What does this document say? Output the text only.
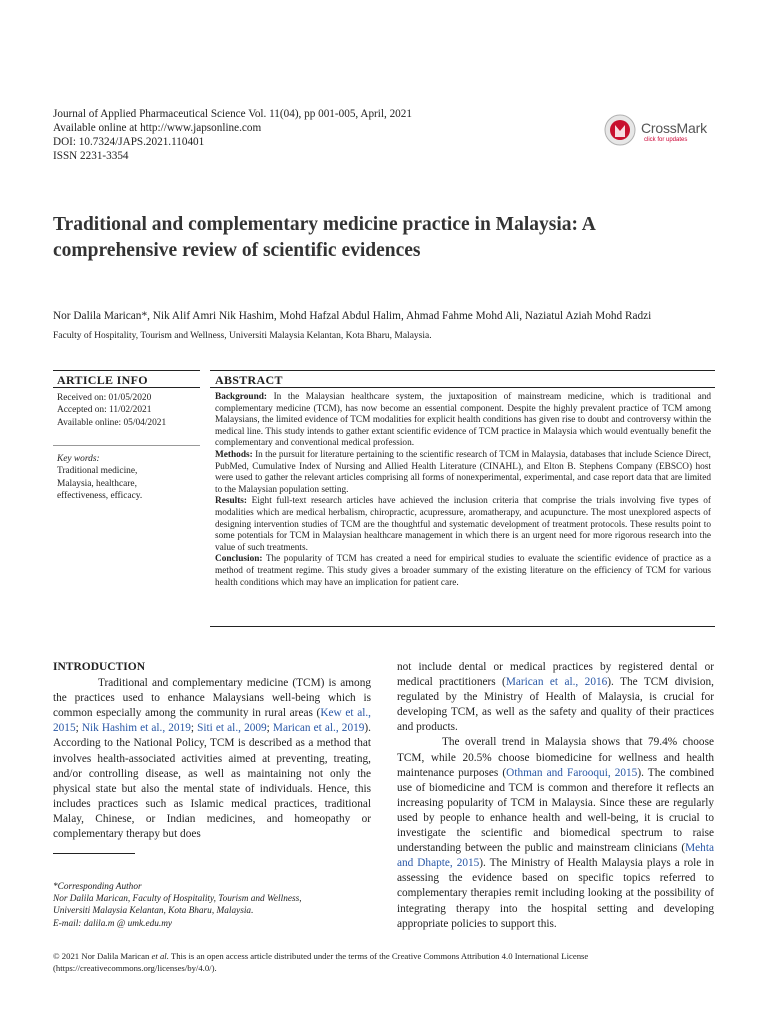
Journal of Applied Pharmaceutical Science Vol. 11(04), pp 001-005, April, 2021
Available online at http://www.japsonline.com
DOI: 10.7324/JAPS.2021.110401
ISSN 2231-3354
CrossMark
click for updates
Traditional and complementary medicine practice in Malaysia: A comprehensive review of scientific evidences
Nor Dalila Marican*, Nik Alif Amri Nik Hashim, Mohd Hafzal Abdul Halim, Ahmad Fahme Mohd Ali, Naziatul Aziah Mohd Radzi
Faculty of Hospitality, Tourism and Wellness, Universiti Malaysia Kelantan, Kota Bharu, Malaysia.
ARTICLE INFO	ABSTRACT
Received on: 01/05/2020
Accepted on: 11/02/2021
Available online: 05/04/2021
Key words:
Traditional medicine,
Malaysia, healthcare,
effectiveness, efficacy.

Background: In the Malaysian healthcare system, the juxtaposition of mainstream medicine, which is traditional and complementary medicine (TCM), has now become an essential component. Despite the highly prevalent practice of TCM among Malaysians, the limited evidence of TCM modalities for explicit health conditions has given rise to doubt and controversy within the medical line. This study intends to gather extant scientific evidence of TCM practice in Malaysia which would eventually benefit the complementary and conventional medical profession.

Methods: In the pursuit for literature pertaining to the scientific research of TCM in Malaysia, databases that include Science Direct, PubMed, Cumulative Index of Nursing and Allied Health Literature (CINAHL), and Elton B. Stephens Company (EBSCO) host were used to gather the relevant articles comprising all forms of nonexperimental, experimental, and case report data that are limited to the Malaysian population setting.

Results: Eight full-text research articles have achieved the inclusion criteria that comprise the trials involving five types of modalities which are medical herbalism, chiropractic, acupressure, aromatherapy, and acupuncture. The most unexplored aspects of designing intervention studies of TCM are the thoughtful and systematic development of treatment protocols. These results point to some potentials for TCM in Malaysian healthcare management in which there is an urgent need for more rigorous research into the value of such treatments.

Conclusion: The popularity of TCM has created a need for empirical studies to evaluate the scientific evidence of practice as a method of treatment regime. This study gives a broader summary of the existing literature on the efficiency of TCM for various health conditions which may have an implication for patient care.

INTRODUCTION

Traditional and complementary medicine (TCM) is among the practices used to enhance Malaysians well-being which is common especially among the community in rural areas (Kew et al., 2015; Nik Hashim et al., 2019; Siti et al., 2009; Marican et al., 2019). According to the National Policy, TCM is described as a method that involves health-associated activities aimed at preventing, treating, and/or controlling disease, as well as maintaining not only the physical state but also the mental state of individuals. Hence, this includes practices such as Islamic medical practices, traditional Malay, Chinese, or Indian medicines, and homeopathy or complementary therapy but does

*Corresponding Author
Nor Dalila Marican, Faculty of Hospitality, Tourism and Wellness,
Universiti Malaysia Kelantan, Kota Bharu, Malaysia.
E-mail: dalila.m @ umk.edu.my

not include dental or medical practices by registered dental or medical practitioners (Marican et al., 2016). The TCM division, regulated by the Ministry of Health of Malaysia, is crucial for developing TCM, as well as the safety and quality of their practices and products.

The overall trend in Malaysia shows that 79.4% choose TCM, while 20.5% choose biomedicine for wellness and health maintenance purposes (Othman and Farooqui, 2015). The combined use of biomedicine and TCM is common and therefore it reflects an increasing popularity of TCM in Malaysia. Since these are regularly used by people to enhance health and well-being, it is crucial to investigate the scientific and biomedical spectrum to raise understanding between the public and mainstream clinicians (Mehta and Dhapte, 2015). The Ministry of Health Malaysia plays a role in assessing the evidence based on specific topics referred to complementary therapies remit including looking at the possibility of integrating therapy into the hospital setting and developing appropriate policies to support this.

© 2021 Nor Dalila Marican et al. This is an open access article distributed under the terms of the Creative Commons Attribution 4.0 International License (https://creativecommons.org/licenses/by/4.0/).
